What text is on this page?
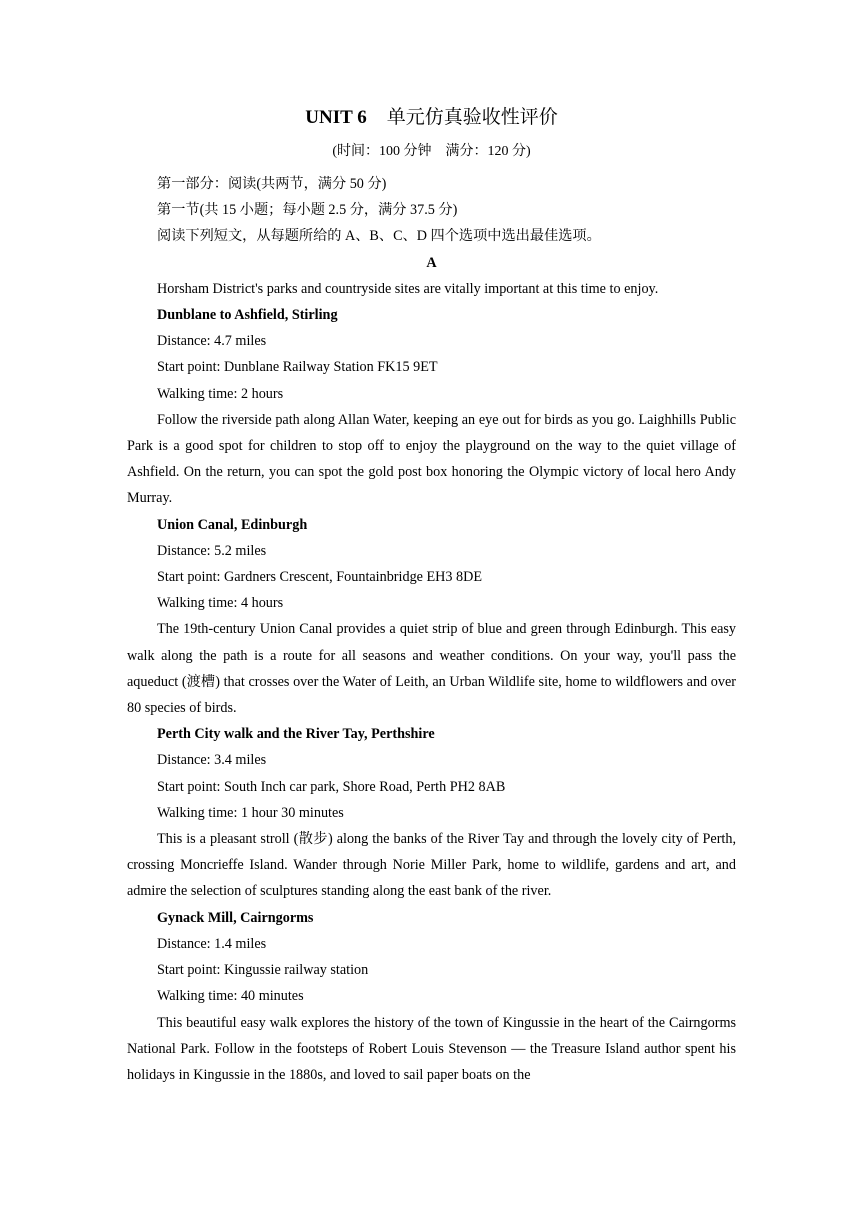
UNIT 6 单元仿真验收性评价
(时间：100 分钟　满分：120 分)

第一部分：阅读(共两节，满分 50 分)

第一节(共 15 小题；每小题 2.5 分，满分 37.5 分)

阅读下列短文，从每题所给的 A、B、C、D 四个选项中选出最佳选项。

A

Horsham District's parks and countryside sites are vitally important at this time to enjoy.

Dunblane to Ashfield, Stirling

Distance: 4.7 miles

Start point: Dunblane Railway Station FK15 9ET

Walking time: 2 hours

Follow the riverside path along Allan Water, keeping an eye out for birds as you go. Laighhills Public Park is a good spot for children to stop off to enjoy the playground on the way to the quiet village of Ashfield. On the return, you can spot the gold post box honoring the Olympic victory of local hero Andy Murray.

Union Canal, Edinburgh

Distance: 5.2 miles

Start point: Gardners Crescent, Fountainbridge EH3 8DE

Walking time: 4 hours

The 19th-century Union Canal provides a quiet strip of blue and green through Edinburgh. This easy walk along the path is a route for all seasons and weather conditions. On your way, you'll pass the aqueduct (渡槽) that crosses over the Water of Leith, an Urban Wildlife site, home to wildflowers and over 80 species of birds.

Perth City walk and the River Tay, Perthshire

Distance: 3.4 miles

Start point: South Inch car park, Shore Road, Perth PH2 8AB

Walking time: 1 hour 30 minutes

This is a pleasant stroll (散步) along the banks of the River Tay and through the lovely city of Perth, crossing Moncrieffe Island. Wander through Norie Miller Park, home to wildlife, gardens and art, and admire the selection of sculptures standing along the east bank of the river.

Gynack Mill, Cairngorms

Distance: 1.4 miles

Start point: Kingussie railway station

Walking time: 40 minutes

This beautiful easy walk explores the history of the town of Kingussie in the heart of the Cairngorms National Park. Follow in the footsteps of Robert Louis Stevenson — the Treasure Island author spent his holidays in Kingussie in the 1880s, and loved to sail paper boats on the
